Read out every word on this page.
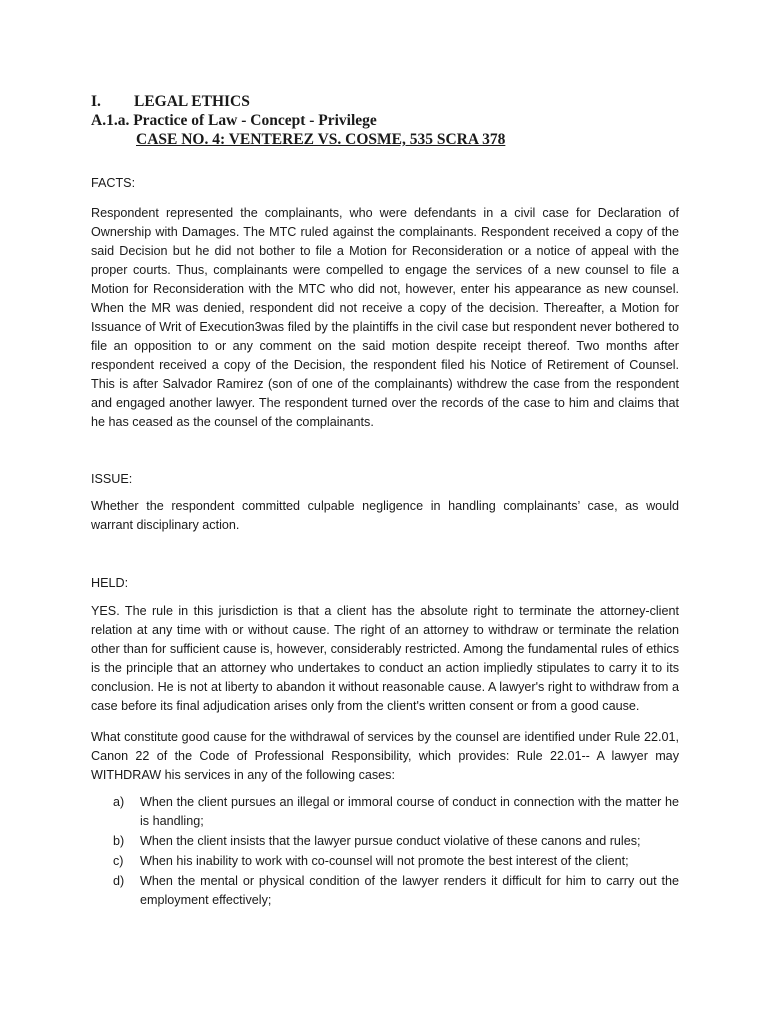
I. LEGAL ETHICS
A.1.a. Practice of Law - Concept - Privilege
CASE NO. 4: VENTEREZ VS. COSME, 535 SCRA 378
FACTS:

Respondent represented the complainants, who were defendants in a civil case for Declaration of Ownership with Damages. The MTC ruled against the complainants. Respondent received a copy of the said Decision but he did not bother to file a Motion for Reconsideration or a notice of appeal with the proper courts. Thus, complainants were compelled to engage the services of a new counsel to file a Motion for Reconsideration with the MTC who did not, however, enter his appearance as new counsel. When the MR was denied, respondent did not receive a copy of the decision. Thereafter, a Motion for Issuance of Writ of Execution3was filed by the plaintiffs in the civil case but respondent never bothered to file an opposition to or any comment on the said motion despite receipt thereof. Two months after respondent received a copy of the Decision, the respondent filed his Notice of Retirement of Counsel. This is after Salvador Ramirez (son of one of the complainants) withdrew the case from the respondent and engaged another lawyer. The respondent turned over the records of the case to him and claims that he has ceased as the counsel of the complainants.

ISSUE:

Whether the respondent committed culpable negligence in handling complainants’ case, as would warrant disciplinary action.

HELD:

YES. The rule in this jurisdiction is that a client has the absolute right to terminate the attorney-client relation at any time with or without cause. The right of an attorney to withdraw or terminate the relation other than for sufficient cause is, however, considerably restricted. Among the fundamental rules of ethics is the principle that an attorney who undertakes to conduct an action impliedly stipulates to carry it to its conclusion. He is not at liberty to abandon it without reasonable cause. A lawyer's right to withdraw from a case before its final adjudication arises only from the client's written consent or from a good cause.

What constitute good cause for the withdrawal of services by the counsel are identified under Rule 22.01, Canon 22 of the Code of Professional Responsibility, which provides: Rule 22.01-- A lawyer may WITHDRAW his services in any of the following cases:

a) When the client pursues an illegal or immoral course of conduct in connection with the matter he is handling;
b) When the client insists that the lawyer pursue conduct violative of these canons and rules;
c) When his inability to work with co-counsel will not promote the best interest of the client;
d) When the mental or physical condition of the lawyer renders it difficult for him to carry out the employment effectively;
